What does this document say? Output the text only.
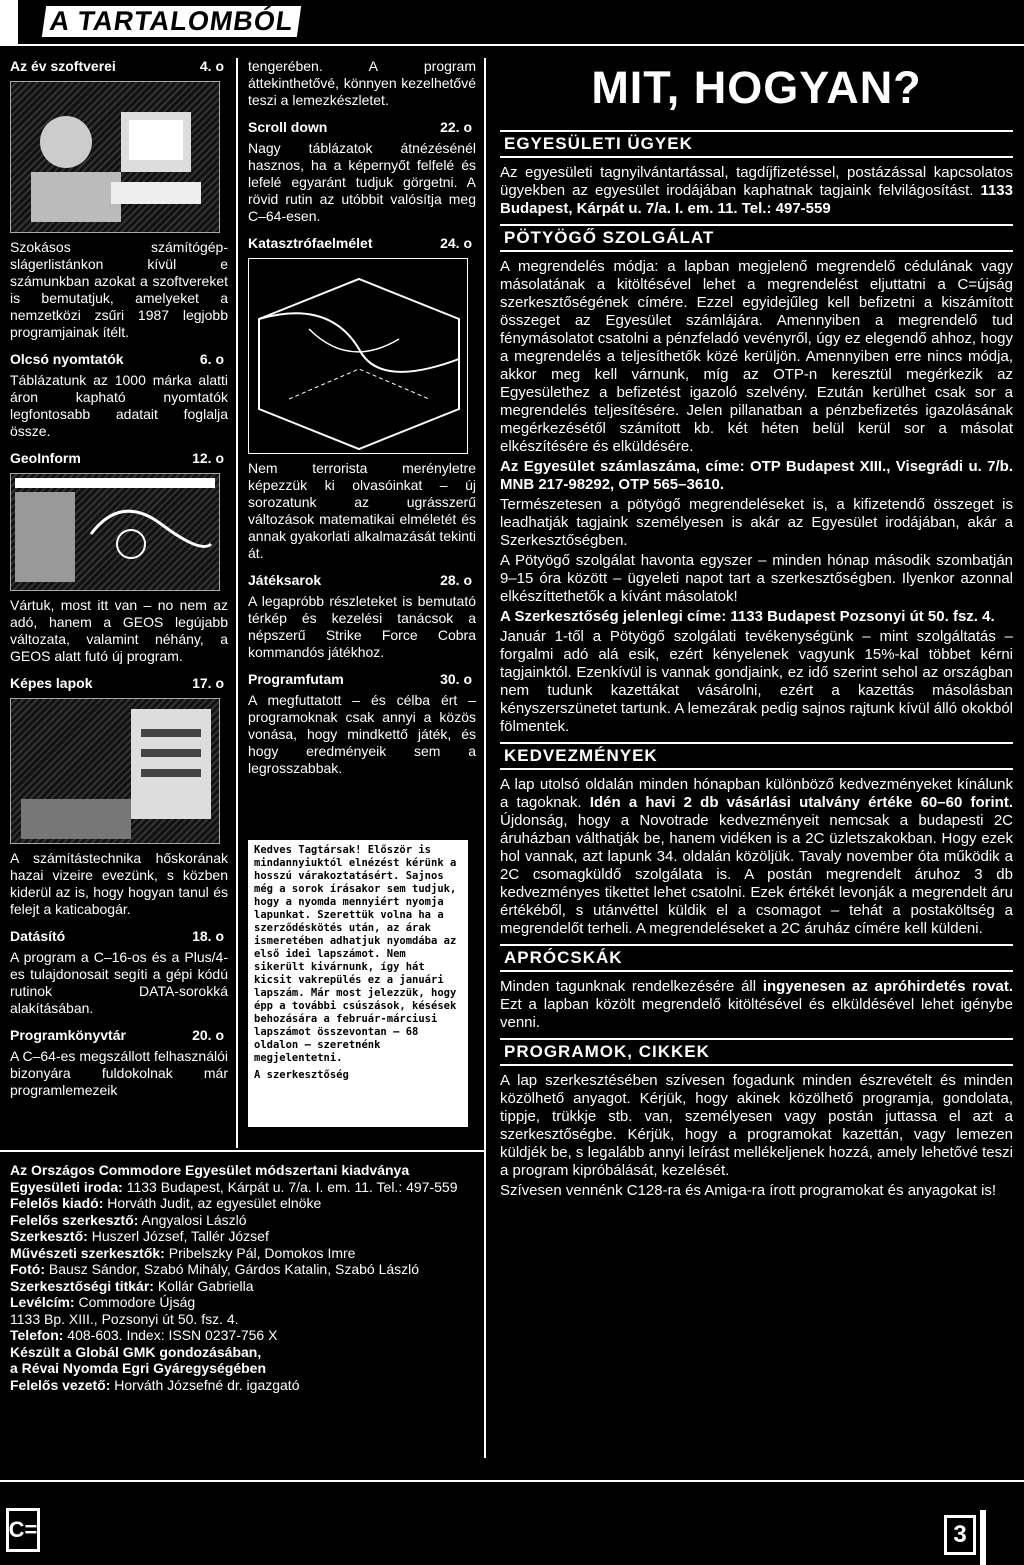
A TARTALOMBÓL
Az év szoftverei	4. o
Szokásos számítógép-slágerlistánkon kívül e számunkban azokat a szoftvereket is bemutatjuk, amelyeket a nemzetközi zsűri 1987 legjobb programjainak ítélt.
Olcsó nyomtatók	6. o
Táblázatunk az 1000 márka alatti áron kapható nyomtatók legfontosabb adatait foglalja össze.
GeoInform	12. o
Vártuk, most itt van – no nem az adó, hanem a GEOS legújabb változata, valamint néhány, a GEOS alatt futó új program.
Képes lapok	17. o
A számítástechnika hőskorának hazai vizeire evezünk, s közben kiderül az is, hogy hogyan tanul és felejt a katicabogár.
Datásító	18. o
A program a C–16-os és a Plus/4-es tulajdonosait segíti a gépi kódú rutinok DATA-sorokká alakításában.
Programkönyvtár	20. o
A C–64-es megszállott felhasználói bizonyára fuldokolnak már programlemezeik
tengerében. A program áttekinthetővé, könnyen kezelhetővé teszi a lemezkészletet.
Scroll down	22. o
Nagy táblázatok átnézésénél hasznos, ha a képernyőt felfelé és lefelé egyaránt tudjuk görgetni. A rövid rutin az utóbbit valósítja meg C–64-esen.
Katasztrófaelmélet	24. o
Nem terrorista merényletre képezzük ki olvasóinkat – új sorozatunk az ugrásszerű változások matematikai elméletét és annak gyakorlati alkalmazását tekinti át.
Játéksarok	28. o
A legapróbb részleteket is bemutató térkép és kezelési tanácsok a népszerű Strike Force Cobra kommandós játékhoz.
Programfutam	30. o
A megfuttatott – és célba ért – programoknak csak annyi a közös vonása, hogy mindkettő játék, és hogy eredményeik sem a legrosszabbak.
Kedves Tagtársak! Először is mindannyiuktól elnézést kérünk a hosszú várakoztatásért. Sajnos még a sorok írásakor sem tudjuk, hogy a nyomda mennyiért nyomja lapunkat. Szerettük volna ha a szerződéskötés után, az árak ismeretében adhatjuk nyomdába az első idei lapszámot. Nem sikerült kivárnunk, így hát kicsit vakrepülés ez a januári lapszám. Már most jelezzük, hogy épp a további csúszások, késések behozására a február-márciusi lapszámot összevontan – 68 oldalon – szeretnénk megjelentetni.
A szerkesztőség
MIT, HOGYAN?
EGYESÜLETI ÜGYEK
Az egyesületi tagnyilvántartással, tagdíjfizetéssel, postázással kapcsolatos ügyekben az egyesület irodájában kaphatnak tagjaink felvilágosítást. 1133 Budapest, Kárpát u. 7/a. I. em. 11. Tel.: 497-559
PÖTYÖGŐ SZOLGÁLAT
A megrendelés módja: a lapban megjelenő megrendelő cédulának vagy másolatának a kitöltésével lehet a megrendelést eljuttatni a C=újság szerkesztőségének címére. Ezzel egyidejűleg kell befizetni a kiszámított összeget az Egyesület számlájára. Amennyiben a megrendelő tud fénymásolatot csatolni a pénzfeladó vevényről, úgy ez elegendő ahhoz, hogy a megrendelés a teljesíthetők közé kerüljön. Amennyiben erre nincs módja, akkor meg kell várnunk, míg az OTP-n keresztül megérkezik az Egyesülethez a befizetést igazoló szelvény. Ezután kerülhet csak sor a megrendelés teljesítésére. Jelen pillanatban a pénzbefizetés igazolásának megérkezésétől számított kb. két héten belül kerül sor a másolat elkészítésére és elküldésére.
Az Egyesület számlaszáma, címe: OTP Budapest XIII., Visegrádi u. 7/b. MNB 217-98292, OTP 565–3610.
Természetesen a pötyögő megrendeléseket is, a kifizetendő összeget is leadhatják tagjaink személyesen is akár az Egyesület irodájában, akár a Szerkesztőségben.
A Pötyögő szolgálat havonta egyszer – minden hónap második szombatján 9–15 óra között – ügyeleti napot tart a szerkesztőségben. Ilyenkor azonnal elkészíttethetők a kívánt másolatok!
A Szerkesztőség jelenlegi címe: 1133 Budapest Pozsonyi út 50. fsz. 4.
Január 1-től a Pötyögő szolgálati tevékenységünk – mint szolgáltatás – forgalmi adó alá esik, ezért kényelenek vagyunk 15%-kal többet kérni tagjainktól. Ezenkívül is vannak gondjaink, ez idő szerint sehol az országban nem tudunk kazettákat vásárolni, ezért a kazettás másolásban kényszerszünetet tartunk. A lemezárak pedig sajnos rajtunk kívül álló okokból fölmentek.
KEDVEZMÉNYEK
A lap utolsó oldalán minden hónapban különböző kedvezményeket kínálunk a tagoknak. Idén a havi 2 db vásárlási utalvány értéke 60–60 forint. Újdonság, hogy a Novotrade kedvezményeit nemcsak a budapesti 2C áruházban válthatják be, hanem vidéken is a 2C üzletszakokban. Hogy ezek hol vannak, azt lapunk 34. oldalán közöljük. Tavaly november óta működik a 2C csomagküldő szolgálata is. A postán megrendelt áruhoz 3 db kedvezményes tikettet lehet csatolni. Ezek értékét levonják a megrendelt áru értékéből, s utánvéttel küldik el a csomagot – tehát a postaköltség a megrendelőt terheli. A megrendeléseket a 2C áruház címére kell küldeni.
APRÓCSKÁK
Minden tagunknak rendelkezésére áll ingyenesen az apróhirdetés rovat. Ezt a lapban közölt megrendelő kitöltésével és elküldésével lehet igénybe venni.
PROGRAMOK, CIKKEK
A lap szerkesztésében szívesen fogadunk minden észrevételt és minden közölhető anyagot. Kérjük, hogy akinek közölhető programja, gondolata, tippje, trükkje stb. van, személyesen vagy postán juttassa el azt a szerkesztőségbe. Kérjük, hogy a programokat kazettán, vagy lemezen küldjék be, s legalább annyi leírást mellékeljenek hozzá, amely lehetővé teszi a program kipróbálását, kezelését.
Szívesen vennénk C128-ra és Amiga-ra írott programokat és anyagokat is!
Az Országos Commodore Egyesület módszertani kiadványa
Egyesületi iroda: 1133 Budapest, Kárpát u. 7/a. I. em. 11. Tel.: 497-559
Felelős kiadó: Horváth Judit, az egyesület elnöke
Felelős szerkesztő: Angyalosi László
Szerkesztő: Huszerl József, Tallér József
Művészeti szerkesztők: Pribelszky Pál, Domokos Imre
Fotó: Bausz Sándor, Szabó Mihály, Gárdos Katalin, Szabó László
Szerkesztőségi titkár: Kollár Gabriella
Levélcím: Commodore Újság
1133 Bp. XIII., Pozsonyi út 50. fsz. 4.
Telefon: 408-603. Index: ISSN 0237-756 X
Készült a Globál GMK gondozásában,
a Révai Nyomda Egri Gyáregységében
Felelős vezető: Horváth Józsefné dr. igazgató
C=	3
